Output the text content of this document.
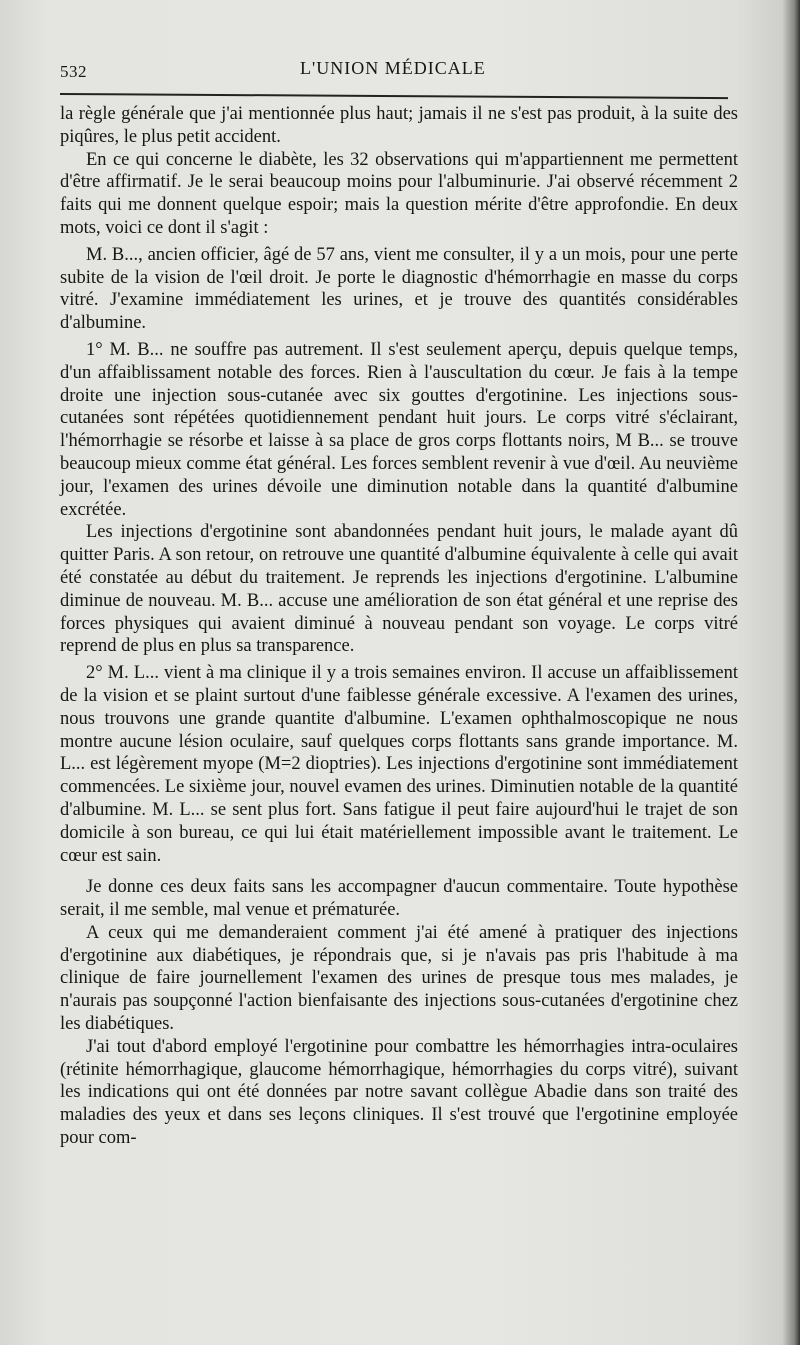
532	L'UNION MÉDICALE

la règle générale que j'ai mentionnée plus haut; jamais il ne s'est pas produit, à la suite des piqûres, le plus petit accident.

En ce qui concerne le diabète, les 32 observations qui m'appartiennent me permettent d'être affirmatif. Je le serai beaucoup moins pour l'albuminurie. J'ai observé récemment 2 faits qui me donnent quelque espoir; mais la question mérite d'être approfondie. En deux mots, voici ce dont il s'agit :

M. B..., ancien officier, âgé de 57 ans, vient me consulter, il y a un mois, pour une perte subite de la vision de l'œil droit. Je porte le diagnostic d'hémorrhagie en masse du corps vitré. J'examine immédiatement les urines, et je trouve des quantités considérables d'albumine.

1° M. B... ne souffre pas autrement. Il s'est seulement aperçu, depuis quelque temps, d'un affaiblissament notable des forces. Rien à l'auscultation du cœur. Je fais à la tempe droite une injection sous-cutanée avec six gouttes d'ergotinine. Les injections sous-cutanées sont répétées quotidiennement pendant huit jours. Le corps vitré s'éclairant, l'hémorrhagie se résorbe et laisse à sa place de gros corps flottants noirs, M B... se trouve beaucoup mieux comme état général. Les forces semblent revenir à vue d'œil. Au neuvième jour, l'examen des urines dévoile une diminution notable dans la quantité d'albumine excrétée.

Les injections d'ergotinine sont abandonnées pendant huit jours, le malade ayant dû quitter Paris. A son retour, on retrouve une quantité d'albumine équivalente à celle qui avait été constatée au début du traitement. Je reprends les injections d'ergotinine. L'albumine diminue de nouveau. M. B... accuse une amélioration de son état général et une reprise des forces physiques qui avaient diminué à nouveau pendant son voyage. Le corps vitré reprend de plus en plus sa transparence.

2° M. L... vient à ma clinique il y a trois semaines environ. Il accuse un affaiblissement de la vision et se plaint surtout d'une faiblesse générale excessive. A l'examen des urines, nous trouvons une grande quantite d'albumine. L'examen ophthalmoscopique ne nous montre aucune lésion oculaire, sauf quelques corps flottants sans grande importance. M. L... est légèrement myope (M=2 dioptries). Les injections d'ergotinine sont immédiatement commencées. Le sixième jour, nouvel evamen des urines. Diminutien notable de la quantité d'albumine. M. L... se sent plus fort. Sans fatigue il peut faire aujourd'hui le trajet de son domicile à son bureau, ce qui lui était matériellement impossible avant le traitement. Le cœur est sain.

Je donne ces deux faits sans les accompagner d'aucun commentaire. Toute hypothèse serait, il me semble, mal venue et prématurée.

A ceux qui me demanderaient comment j'ai été amené à pratiquer des injections d'ergotinine aux diabétiques, je répondrais que, si je n'avais pas pris l'habitude à ma clinique de faire journellement l'examen des urines de presque tous mes malades, je n'aurais pas soupçonné l'action bienfaisante des injections sous-cutanées d'ergotinine chez les diabétiques.

J'ai tout d'abord employé l'ergotinine pour combattre les hémorrhagies intra-oculaires (rétinite hémorrhagique, glaucome hémorrhagique, hémorrhagies du corps vitré), suivant les indications qui ont été données par notre savant collègue Abadie dans son traité des maladies des yeux et dans ses leçons cliniques. Il s'est trouvé que l'ergotinine employée pour com-
